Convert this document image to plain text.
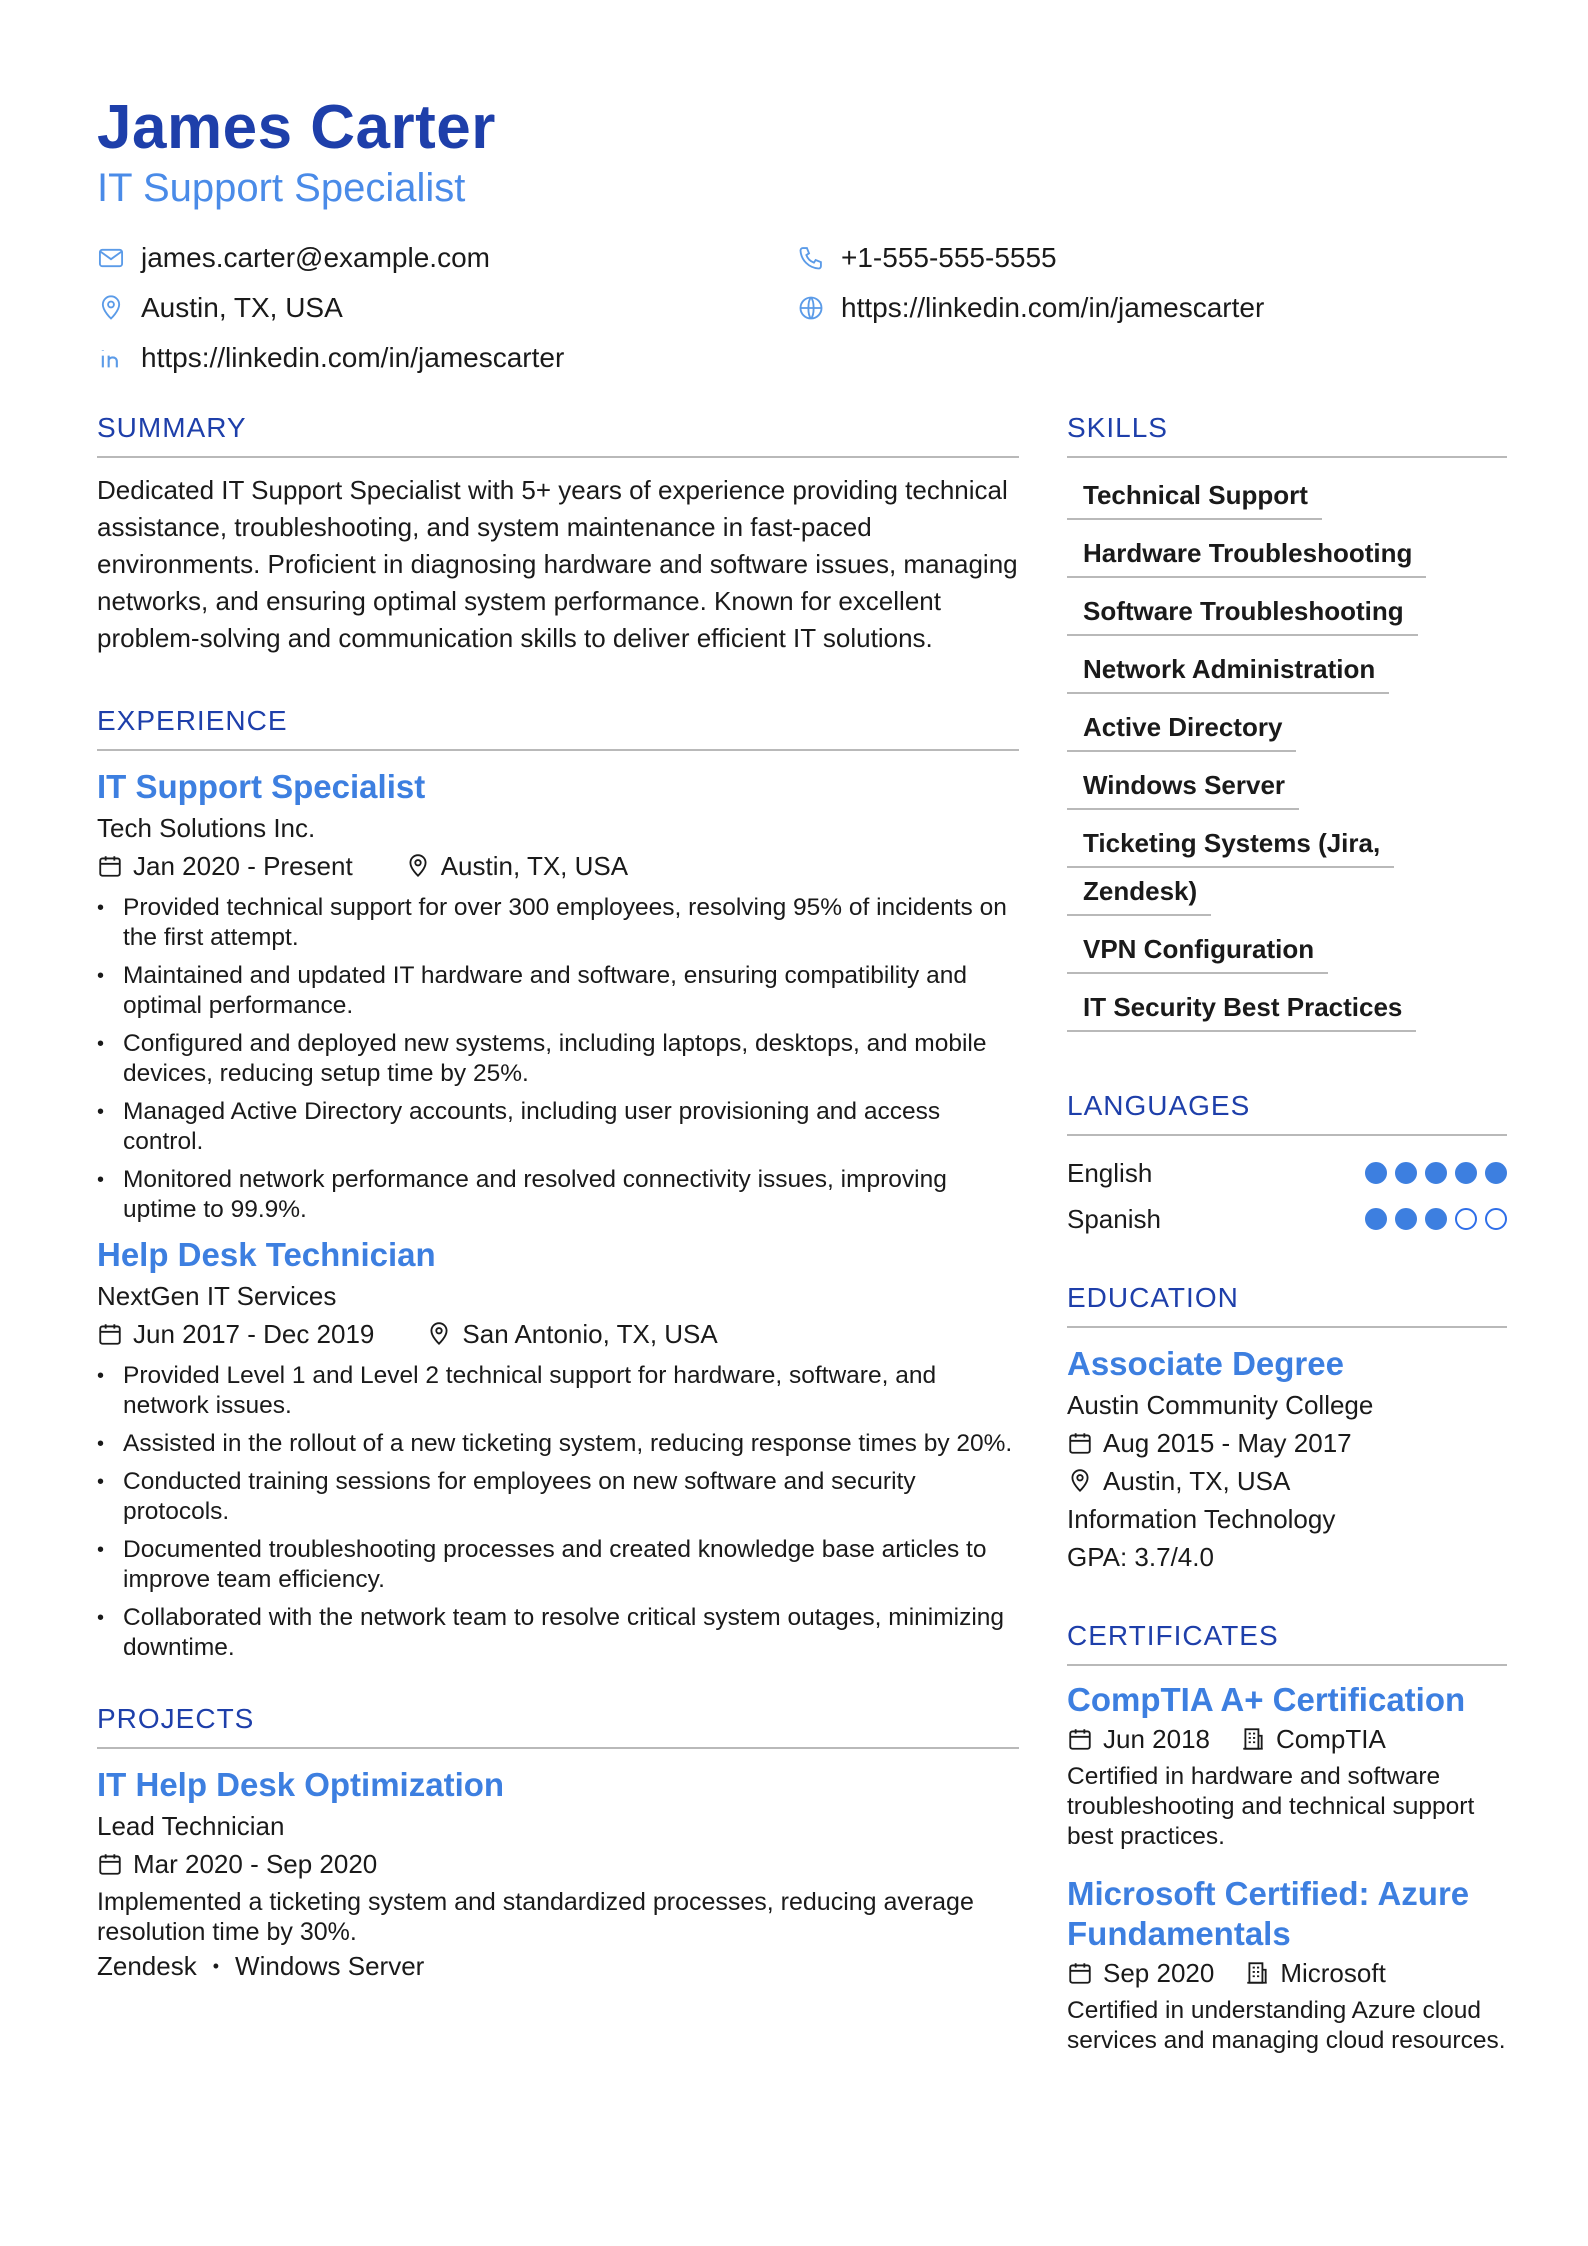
James Carter
IT Support Specialist
james.carter@example.com	+1-555-555-5555
Austin, TX, USA	https://linkedin.com/in/jamescarter
https://linkedin.com/in/jamescarter
SUMMARY

Dedicated IT Support Specialist with 5+ years of experience providing technical assistance, troubleshooting, and system maintenance in fast-paced environments. Proficient in diagnosing hardware and software issues, managing networks, and ensuring optimal system performance. Known for excellent problem-solving and communication skills to deliver efficient IT solutions.

EXPERIENCE
IT Support Specialist
Tech Solutions Inc.
Jan 2020 - Present	Austin, TX, USA
• Provided technical support for over 300 employees, resolving 95% of incidents on the first attempt.
• Maintained and updated IT hardware and software, ensuring compatibility and optimal performance.
• Configured and deployed new systems, including laptops, desktops, and mobile devices, reducing setup time by 25%.
• Managed Active Directory accounts, including user provisioning and access control.
• Monitored network performance and resolved connectivity issues, improving uptime to 99.9%.
Help Desk Technician
NextGen IT Services
Jun 2017 - Dec 2019	San Antonio, TX, USA
• Provided Level 1 and Level 2 technical support for hardware, software, and network issues.
• Assisted in the rollout of a new ticketing system, reducing response times by 20%.
• Conducted training sessions for employees on new software and security protocols.
• Documented troubleshooting processes and created knowledge base articles to improve team efficiency.
• Collaborated with the network team to resolve critical system outages, minimizing downtime.
PROJECTS
IT Help Desk Optimization
Lead Technician
Mar 2020 - Sep 2020
Implemented a ticketing system and standardized processes, reducing average resolution time by 30%.
Zendesk • Windows Server
SKILLS
Technical Support
Hardware Troubleshooting
Software Troubleshooting
Network Administration
Active Directory
Windows Server
Ticketing Systems (Jira,
Zendesk)
VPN Configuration
IT Security Best Practices
LANGUAGES
English
Spanish
EDUCATION
Associate Degree
Austin Community College
Aug 2015 - May 2017
Austin, TX, USA
Information Technology
GPA: 3.7/4.0
CERTIFICATES
CompTIA A+ Certification
Jun 2018	CompTIA
Certified in hardware and software troubleshooting and technical support best practices.
Microsoft Certified: Azure Fundamentals
Sep 2020	Microsoft
Certified in understanding Azure cloud services and managing cloud resources.
